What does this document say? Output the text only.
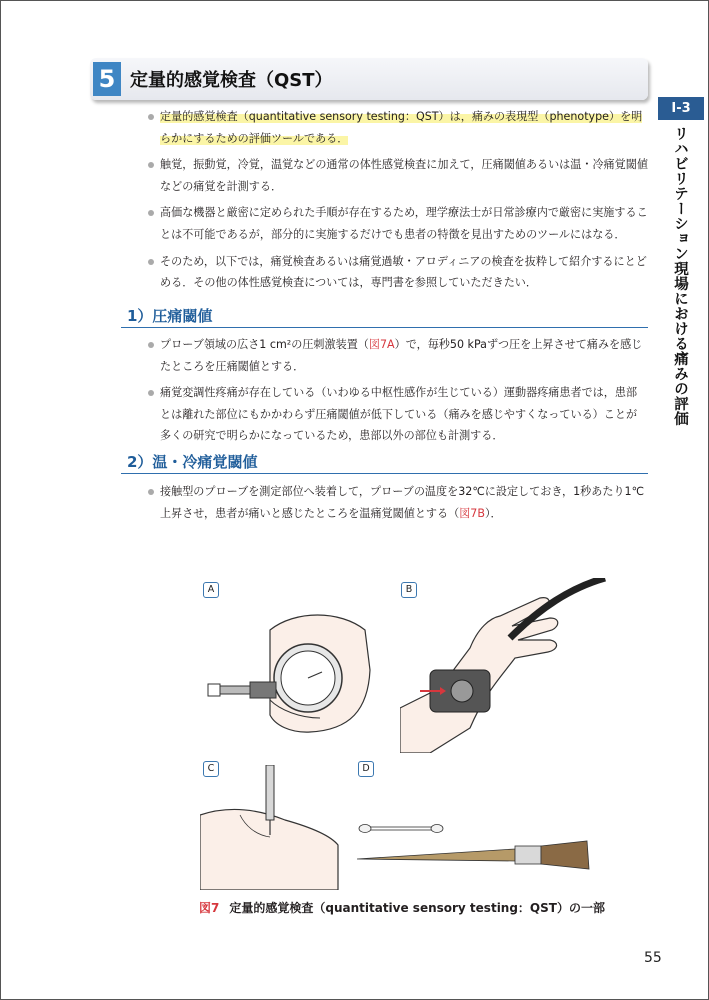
5 定量的感覚検査（QST）
定量的感覚検査（quantitative sensory testing：QST）は，痛みの表現型（phenotype）を明らかにするための評価ツールである．
触覚，振動覚，冷覚，温覚などの通常の体性感覚検査に加えて，圧痛閾値あるいは温・冷痛覚閾値などの痛覚を計測する．
高価な機器と厳密に定められた手順が存在するため，理学療法士が日常診療内で厳密に実施することは不可能であるが，部分的に実施するだけでも患者の特徴を見出すためのツールにはなる．
そのため，以下では，痛覚検査あるいは痛覚過敏・アロディニアの検査を抜粋して紹介するにとどめる．その他の体性感覚検査については，専門書を参照していただきたい．
1）圧痛閾値
プローブ領域の広さ1 cm²の圧刺激装置（図7A）で，毎秒50 kPaずつ圧を上昇させて痛みを感じたところを圧痛閾値とする．
痛覚変調性疼痛が存在している（いわゆる中枢性感作が生じている）運動器疼痛患者では，患部とは離れた部位にもかかわらず圧痛閾値が低下している（痛みを感じやすくなっている）ことが多くの研究で明らかになっているため，患部以外の部位も計測する．
2）温・冷痛覚閾値
接触型のプローブを測定部位へ装着して，プローブの温度を32℃に設定しておき，1秒あたり1℃上昇させ，患者が痛いと感じたところを温痛覚閾値とする（図7B）．
I-3
リハビリテーション現場における痛みの評価
A	B
C	D
図7 定量的感覚検査（quantitative sensory testing：QST）の一部
55
